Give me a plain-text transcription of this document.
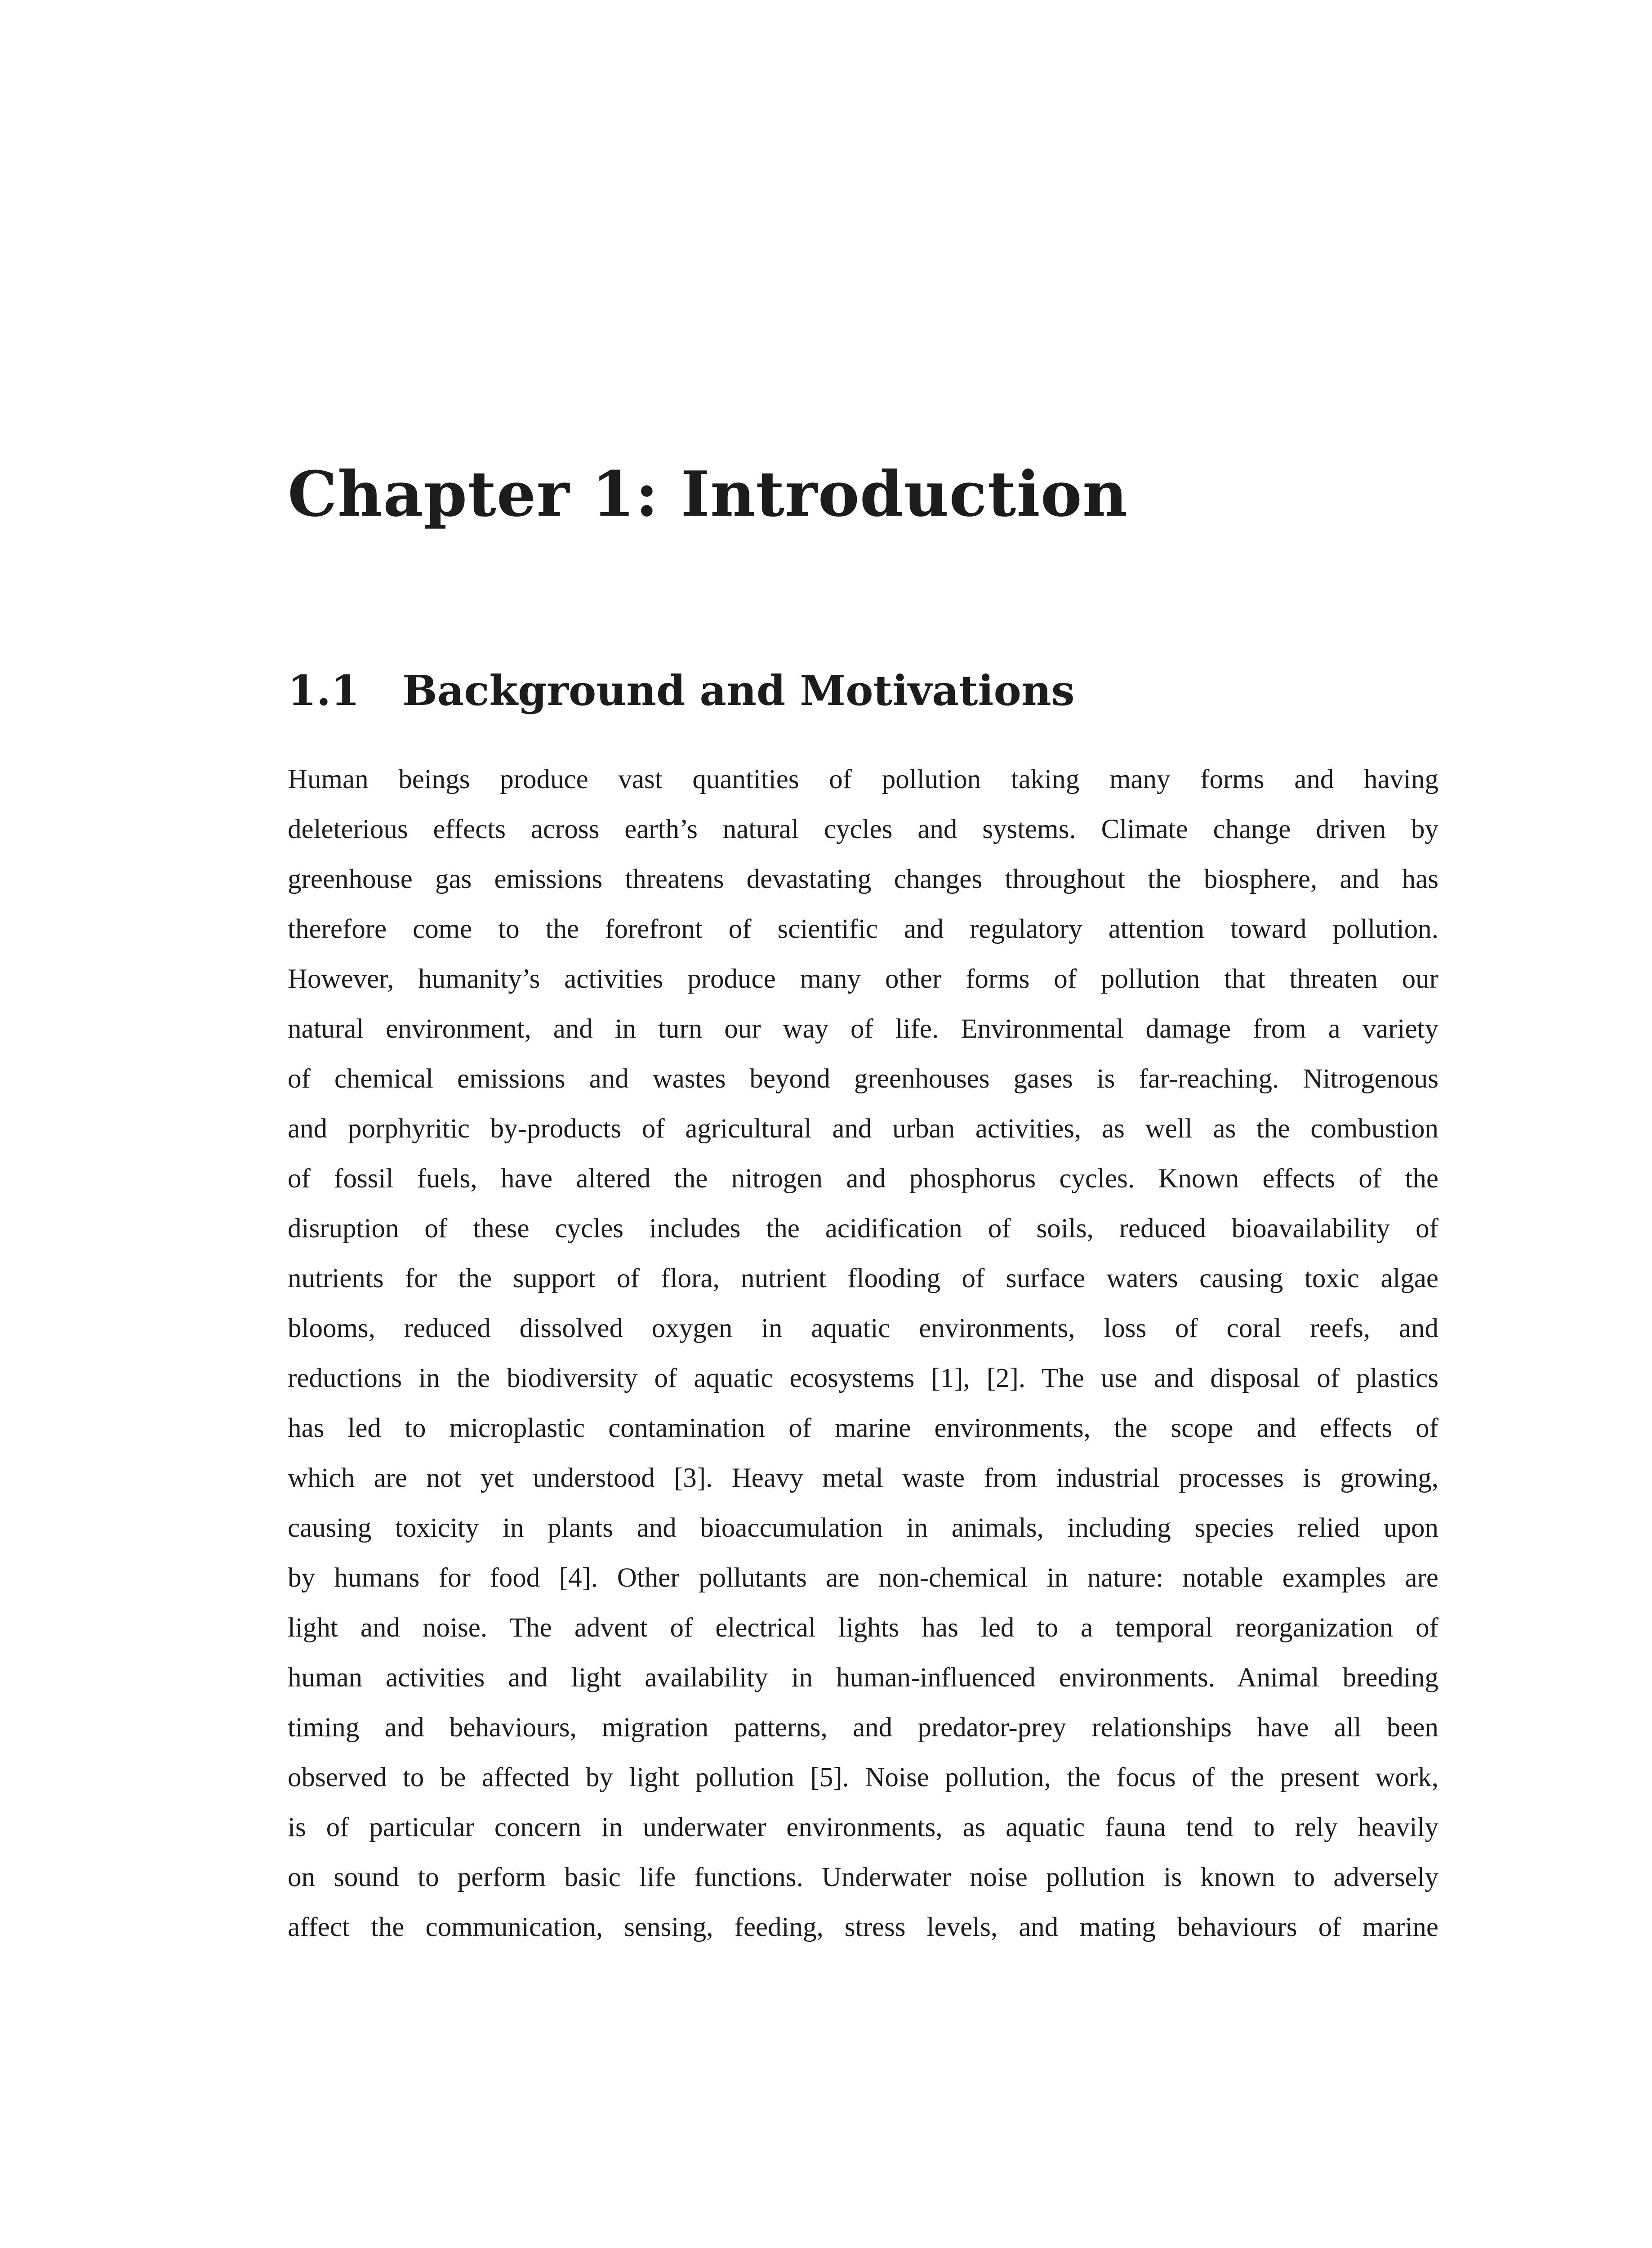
Chapter 1: Introduction
1.1 Background and Motivations
Human beings produce vast quantities of pollution taking many forms and having
deleterious effects across earth’s natural cycles and systems. Climate change driven by
greenhouse gas emissions threatens devastating changes throughout the biosphere, and has
therefore come to the forefront of scientific and regulatory attention toward pollution.
However, humanity’s activities produce many other forms of pollution that threaten our
natural environment, and in turn our way of life. Environmental damage from a variety
of chemical emissions and wastes beyond greenhouses gases is far-reaching. Nitrogenous
and porphyritic by-products of agricultural and urban activities, as well as the combustion
of fossil fuels, have altered the nitrogen and phosphorus cycles. Known effects of the
disruption of these cycles includes the acidification of soils, reduced bioavailability of
nutrients for the support of flora, nutrient flooding of surface waters causing toxic algae
blooms, reduced dissolved oxygen in aquatic environments, loss of coral reefs, and
reductions in the biodiversity of aquatic ecosystems [1], [2]. The use and disposal of plastics
has led to microplastic contamination of marine environments, the scope and effects of
which are not yet understood [3]. Heavy metal waste from industrial processes is growing,
causing toxicity in plants and bioaccumulation in animals, including species relied upon
by humans for food [4]. Other pollutants are non-chemical in nature: notable examples are
light and noise. The advent of electrical lights has led to a temporal reorganization of
human activities and light availability in human-influenced environments. Animal breeding
timing and behaviours, migration patterns, and predator-prey relationships have all been
observed to be affected by light pollution [5]. Noise pollution, the focus of the present work,
is of particular concern in underwater environments, as aquatic fauna tend to rely heavily
on sound to perform basic life functions. Underwater noise pollution is known to adversely
affect the communication, sensing, feeding, stress levels, and mating behaviours of marine
